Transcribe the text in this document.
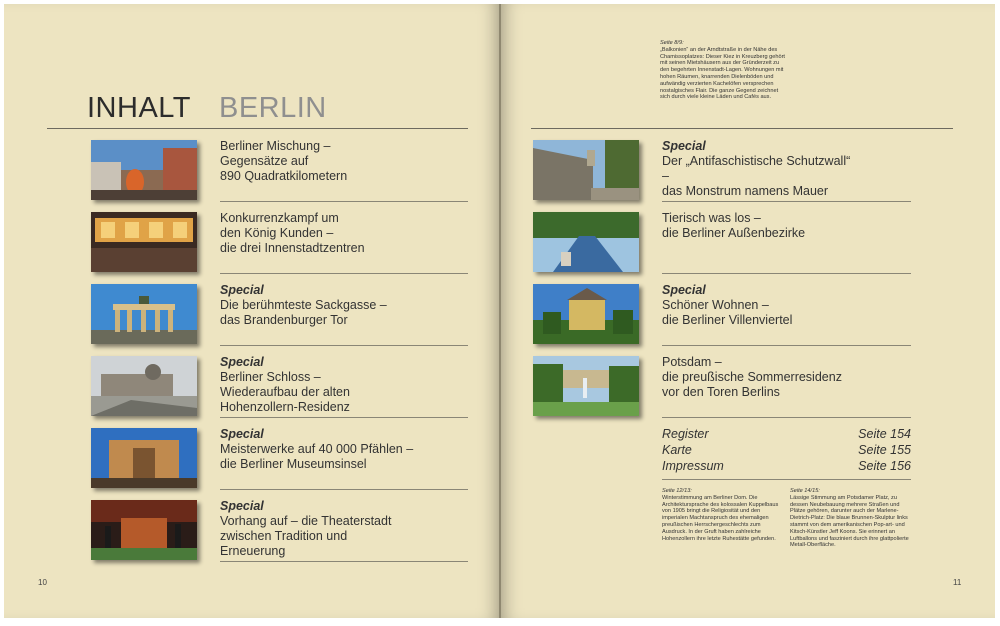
INHALT BERLIN
Seite 8/9:
„Balkonien“ an der Arndtstraße in der Nähe des Chamissoplatzes: Dieser Kiez in Kreuzberg gehört mit seinen Mietshäusern aus der Gründerzeit zu den begehrten Innenstadt-Lagen. Wohnungen mit hohen Räumen, knarrenden Dielenböden und aufwändig verzierten Kachelöfen versprechen nostalgisches Flair. Die ganze Gegend zeichnet sich durch viele kleine Läden und Cafés aus.
Berliner Mischung –
Gegensätze auf
890 Quadratkilometern
Konkurrenzkampf um
den König Kunden –
die drei Innenstadtzentren
Special
Die berühmteste Sackgasse –
das Brandenburger Tor
Special
Berliner Schloss –
Wiederaufbau der alten
Hohenzollern-Residenz
Special
Meisterwerke auf 40 000 Pfählen –
die Berliner Museumsinsel
Special
Vorhang auf – die Theaterstadt
zwischen Tradition und Erneuerung
Special
Der „Antifaschistische Schutzwall“ –
das Monstrum namens Mauer
Tierisch was los –
die Berliner Außenbezirke
Special
Schöner Wohnen –
die Berliner Villenviertel
Potsdam –
die preußische Sommerresidenz
vor den Toren Berlins
Register	Seite 154
Karte	Seite 155
Impressum	Seite 156
Seite 12/13:
Winterstimmung am Berliner Dom. Die Architektursprache des kolossalen Kuppelbaus von 1905 bringt die Religiosität und den imperialen Machtanspruch des ehemaligen preußischen Herrschergeschlechts zum Ausdruck. In der Gruft haben zahlreiche Hohenzollern ihre letzte Ruhestätte gefunden.
Seite 14/15:
Lässige Stimmung am Potsdamer Platz, zu dessen Neubebauung mehrere Straßen und Plätze gehören, darunter auch der Marlene-Dietrich-Platz: Die blaue Brunnen-Skulptur links stammt von dem amerikanischen Pop-art- und Kitsch-Künstler Jeff Koons. Sie erinnert an Luftballons und fasziniert durch ihre glattpolierte Metall-Oberfläche.
10	11
